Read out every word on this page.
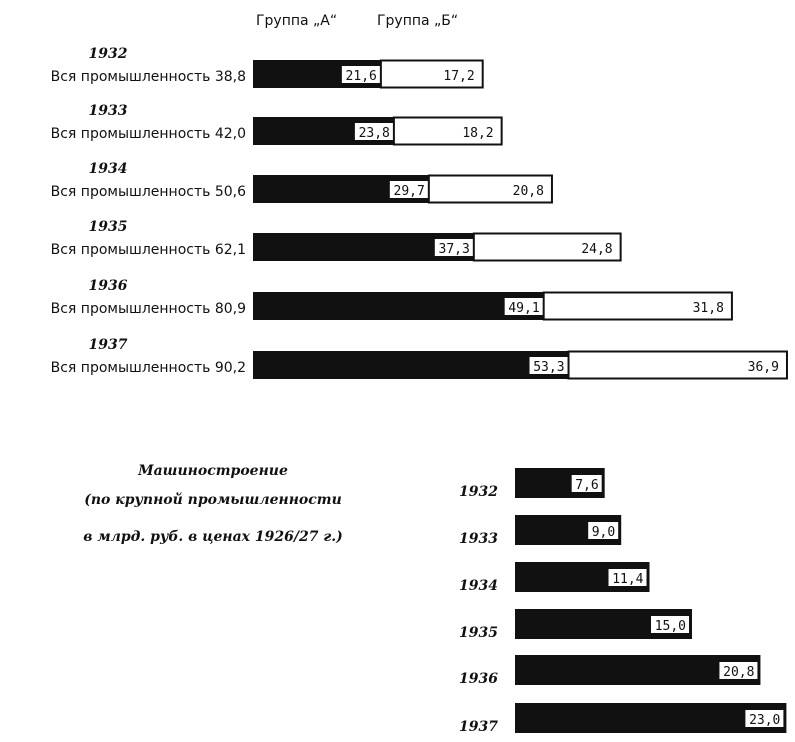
Группа „А“	Группа „Б“
1932
Вся промышленность 38,8	21,6	17,2
1933
Вся промышленность 42,0	23,8	18,2
1934
Вся промышленность 50,6	29,7	20,8
1935
Вся промышленность 62,1	37,3	24,8
1936
Вся промышленность 80,9	49,1	31,8
1937
Вся промышленность 90,2	53,3	36,9
Машиностроение
(по крупной промышленности
в млрд. руб. в ценах 1926/27 г.)
1932	7,6
1933	9,0
1934	11,4
1935	15,0
1936	20,8
1937	23,0
